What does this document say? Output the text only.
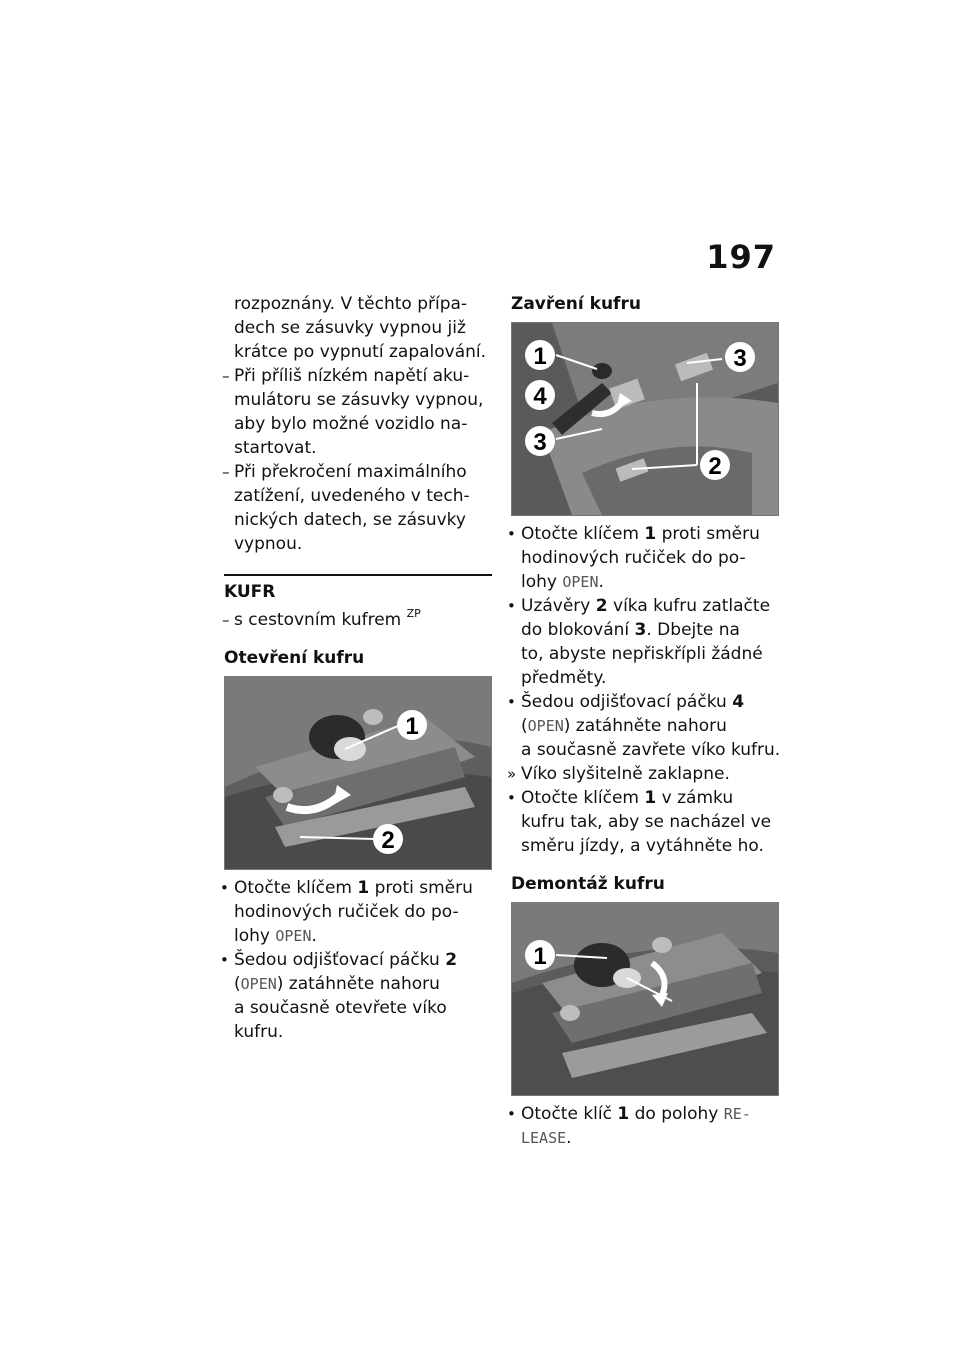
197
rozpoznány. V těchto přípa-
dech se zásuvky vypnou již
krátce po vypnutí zapalování.
– Při příliš nízkém napětí aku-
mulátoru se zásuvky vypnou,
aby bylo možné vozidlo na-
startovat.
– Při překročení maximálního
zatížení, uvedeného v tech-
nických datech, se zásuvky
vypnou.
KUFR
– s cestovním kufrem $^{ZP}$
Otevření kufru
1
2
• Otočte klíčem 1 proti směru
hodinových ručiček do po-
lohy OPEN.
• Šedou odjišťovací páčku 2
(OPEN) zatáhněte nahoru
a současně otevřete víko
kufru.
Zavření kufru
1
4
3
3
2
• Otočte klíčem 1 proti směru
hodinových ručiček do po-
lohy OPEN.
• Uzávěry 2 víka kufru zatlačte
do blokování 3. Dbejte na
to, abyste nepřiskřípli žádné
předměty.
• Šedou odjišťovací páčku 4
(OPEN) zatáhněte nahoru
a současně zavřete víko kufru.
» Víko slyšitelně zaklapne.
• Otočte klíčem 1 v zámku
kufru tak, aby se nacházel ve
směru jízdy, a vytáhněte ho.
Demontáž kufru
1
• Otočte klíč 1 do polohy RE-
LEASE.
